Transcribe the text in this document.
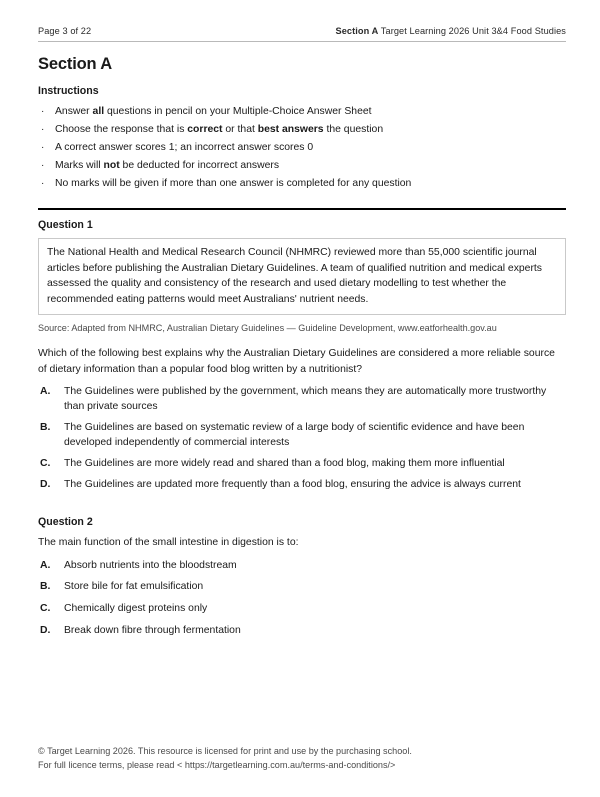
Page 3 of 22	Section A Target Learning 2026 Unit 3&4 Food Studies
Section A
Instructions
· Answer all questions in pencil on your Multiple-Choice Answer Sheet
· Choose the response that is correct or that best answers the question
· A correct answer scores 1; an incorrect answer scores 0
· Marks will not be deducted for incorrect answers
· No marks will be given if more than one answer is completed for any question
Question 1
The National Health and Medical Research Council (NHMRC) reviewed more than 55,000 scientific journal articles before publishing the Australian Dietary Guidelines. A team of qualified nutrition and medical experts assessed the quality and consistency of the research and used dietary modelling to test whether the recommended eating patterns would meet Australians' nutrient needs.
Source: Adapted from NHMRC, Australian Dietary Guidelines — Guideline Development, www.eatforhealth.gov.au
Which of the following best explains why the Australian Dietary Guidelines are considered a more reliable source of dietary information than a popular food blog written by a nutritionist?
A. The Guidelines were published by the government, which means they are automatically more trustworthy than private sources
B. The Guidelines are based on systematic review of a large body of scientific evidence and have been developed independently of commercial interests
C. The Guidelines are more widely read and shared than a food blog, making them more influential
D. The Guidelines are updated more frequently than a food blog, ensuring the advice is always current
Question 2
The main function of the small intestine in digestion is to:
A. Absorb nutrients into the bloodstream
B. Store bile for fat emulsification
C. Chemically digest proteins only
D. Break down fibre through fermentation
© Target Learning 2026. This resource is licensed for print and use by the purchasing school.
For full licence terms, please read < https://targetlearning.com.au/terms-and-conditions/>
